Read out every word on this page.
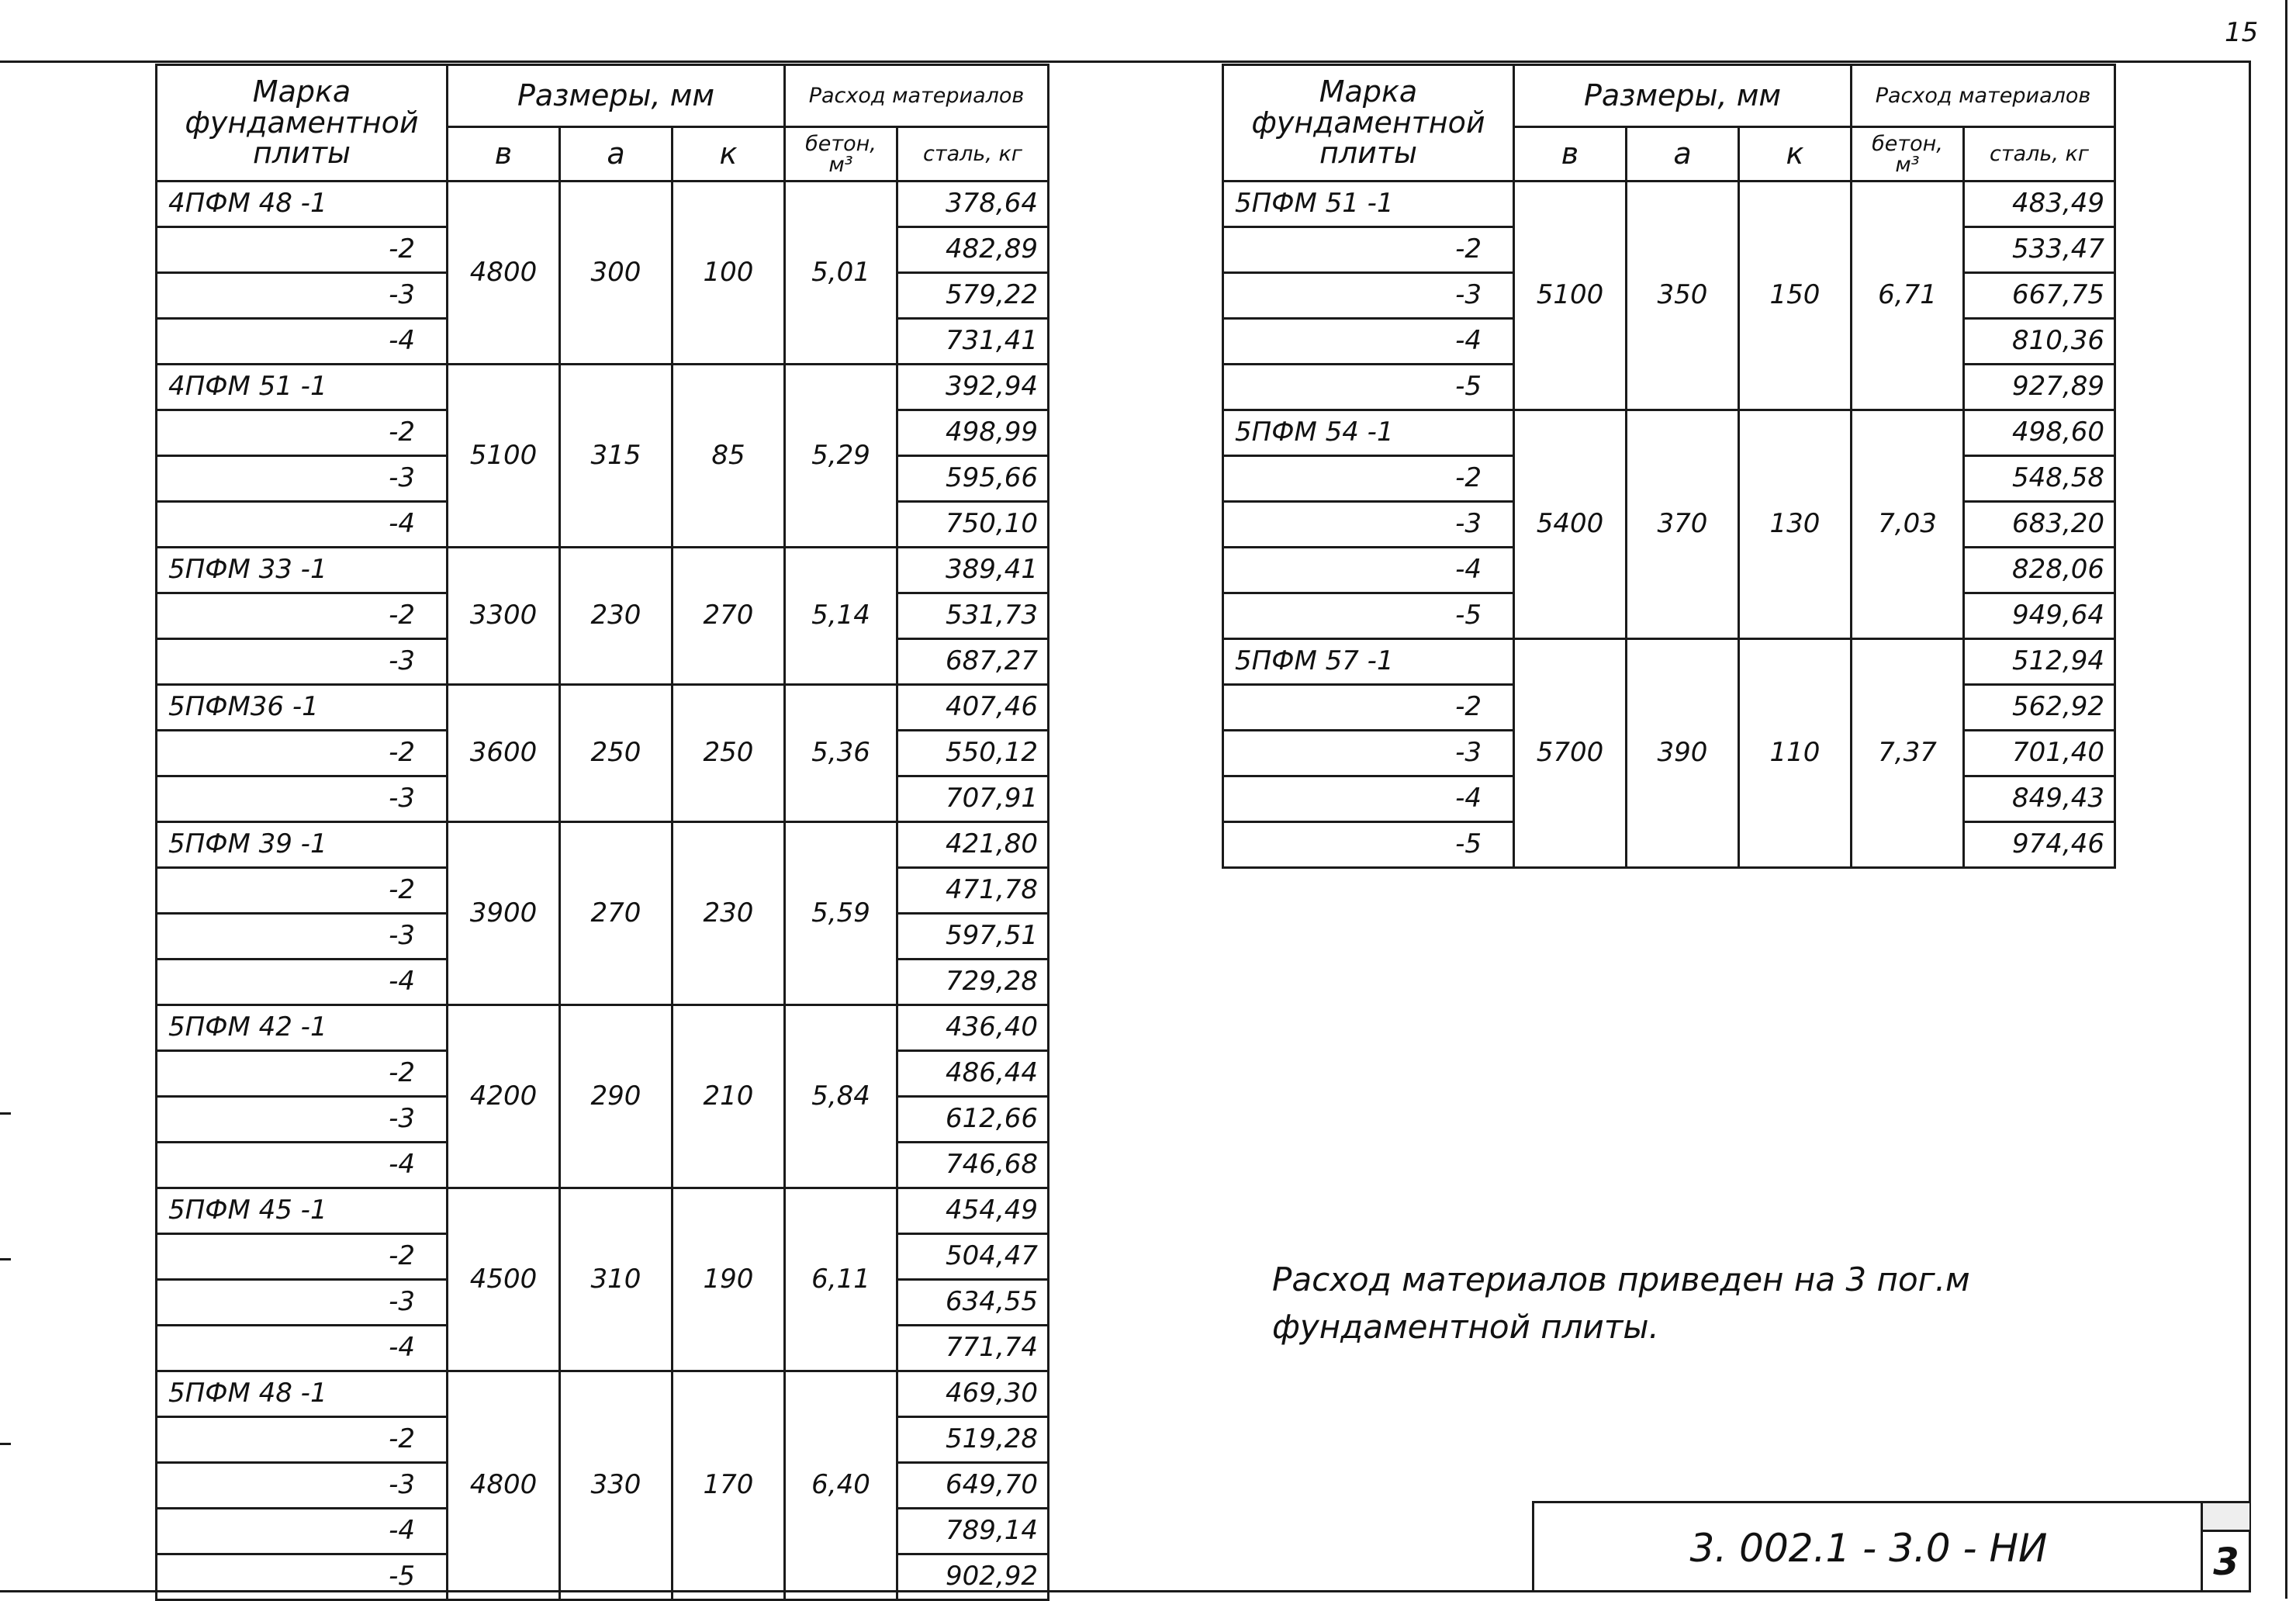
15
Марка фундаментной плиты	Размеры, мм			Расход материалов	
	в	а	к	бетон, м³	сталь, кг
4ПФМ 48 -1	4800	300	100	5,01	378,64
-2					482,89
-3					579,22
-4					731,41
4ПФМ 51 -1	5100	315	85	5,29	392,94
-2					498,99
-3					595,66
-4					750,10
5ПФМ 33 -1	3300	230	270	5,14	389,41
-2					531,73
-3					687,27
5ПФМ36 -1	3600	250	250	5,36	407,46
-2					550,12
-3					707,91
5ПФМ 39 -1	3900	270	230	5,59	421,80
-2					471,78
-3					597,51
-4					729,28
5ПФМ 42 -1	4200	290	210	5,84	436,40
-2					486,44
-3					612,66
-4					746,68
5ПФМ 45 -1	4500	310	190	6,11	454,49
-2					504,47
-3					634,55
-4					771,74
5ПФМ 48 -1	4800	330	170	6,40	469,30
-2					519,28
-3					649,70
-4					789,14
-5					902,92
Марка фундаментной плиты	Размеры, мм			Расход материалов	
	в	а	к	бетон, м³	сталь, кг
5ПФМ 51 -1	5100	350	150	6,71	483,49
-2					533,47
-3					667,75
-4					810,36
-5					927,89
5ПФМ 54 -1	5400	370	130	7,03	498,60
-2					548,58
-3					683,20
-4					828,06
-5					949,64
5ПФМ 57 -1	5700	390	110	7,37	512,94
-2					562,92
-3					701,40
-4					849,43
-5					974,46
Расход материалов приведен на 3 пог.м фундаментной плиты.
3. 002.1 - 3.0 - НИ	3
